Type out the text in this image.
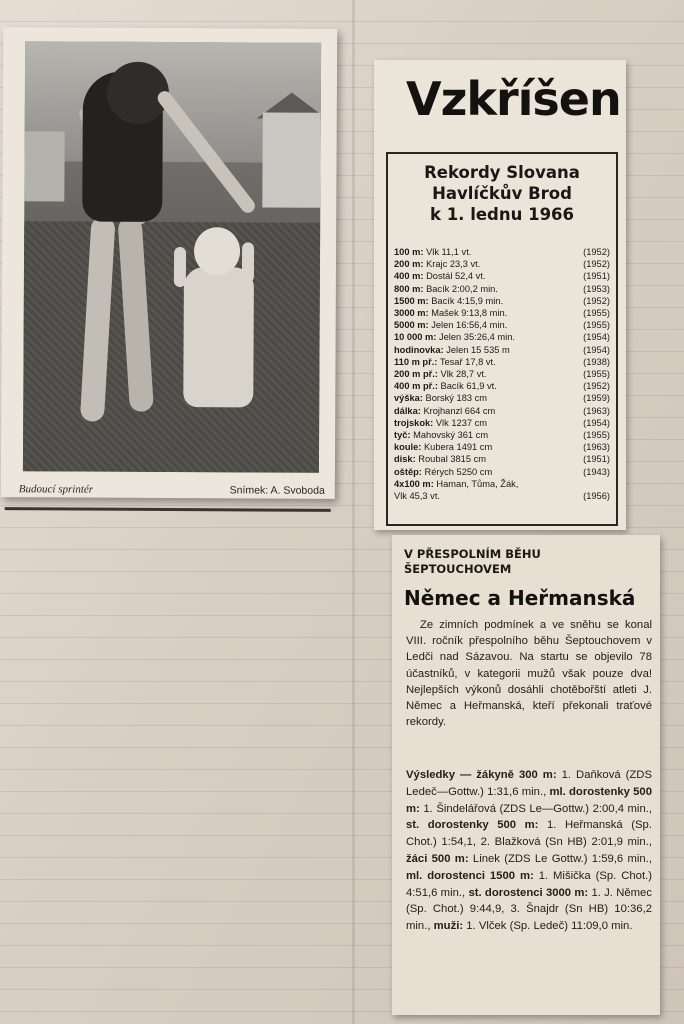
Budoucí sprintér	Snímek: A. Svoboda
Vzkříšen
Rekordy Slovana
Havlíčkův Brod
k 1. lednu 1966
100 m: Vlk 11,1 vt.	(1952)
200 m: Krajc 23,3 vt.	(1952)
400 m: Dostál 52,4 vt.	(1951)
800 m: Bacík 2:00,2 min.	(1953)
1500 m: Bacík 4:15,9 min.	(1952)
3000 m: Mašek 9:13,8 min.	(1955)
5000 m: Jelen 16:56,4 min.	(1955)
10 000 m: Jelen 35:26,4 min.	(1954)
hodinovka: Jelen 15 535 m	(1954)
110 m př.: Tesař 17,8 vt.	(1938)
200 m př.: Vlk 28,7 vt.	(1955)
400 m př.: Bacík 61,9 vt.	(1952)
výška: Borský 183 cm	(1959)
dálka: Krojhanzl 664 cm	(1963)
trojskok: Vlk 1237 cm	(1954)
tyč: Mahovský 361 cm	(1955)
koule: Kubera 1491 cm	(1963)
disk: Roubal 3815 cm	(1951)
oštěp: Rérych 5250 cm	(1943)
4x100 m: Haman, Tůma, Žák,
Vlk 45,3 vt.	(1956)
V PŘESPOLNÍM BĚHU
ŠEPTOUCHOVEM
Němec a Heřmanská
Ze zimních podmínek a ve sněhu se konal VIII. ročník přespolního běhu Šeptouchovem v Ledči nad Sázavou. Na startu se objevilo 78 účastníků, v kategorii mužů však pouze dva! Nejlepších výkonů dosáhli chotěbořští atleti J. Němec a Heřmanská, kteří překonali traťové rekordy.
Výsledky — žákyně 300 m: 1. Daňková (ZDS Ledeč—Gottw.) 1:31,6 min., ml. dorostenky 500 m: 1. Šindelářová (ZDS Le—Gottw.) 2:00,4 min., st. dorostenky 500 m: 1. Heřmanská (Sp. Chot.) 1:54,1, 2. Blažková (Sn HB) 2:01,9 min., žáci 500 m: Linek (ZDS Le Gottw.) 1:59,6 min., ml. dorostenci 1500 m: 1. Mišička (Sp. Chot.) 4:51,6 min., st. dorostenci 3000 m: 1. J. Němec (Sp. Chot.) 9:44,9, 3. Šnajdr (Sn HB) 10:36,2 min., muži: 1. Vlček (Sp. Ledeč) 11:09,0 min.
